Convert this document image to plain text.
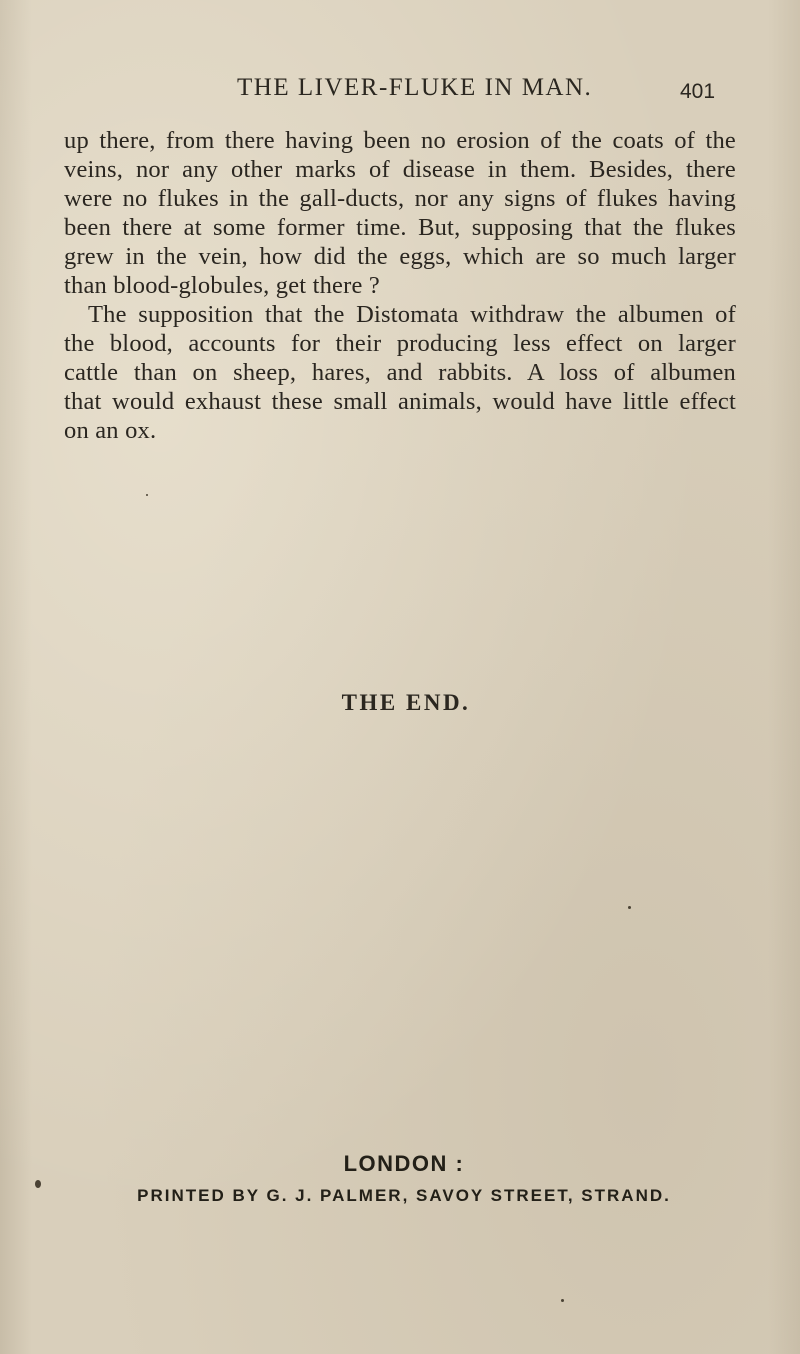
THE LIVER-FLUKE IN MAN.	401
up there, from there having been no erosion of the coats of the
veins, nor any other marks of disease in them. Besides, there
were no flukes in the gall-ducts, nor any signs of flukes having
been there at some former time. But, supposing that the flukes
grew in the vein, how did the eggs, which are so much larger
than blood-globules, get there ?
The supposition that the Distomata withdraw the albumen of
the blood, accounts for their producing less effect on larger
cattle than on sheep, hares, and rabbits. A loss of albumen
that would exhaust these small animals, would have little effect
on an ox.
THE END.
LONDON :
PRINTED BY G. J. PALMER, SAVOY STREET, STRAND.
